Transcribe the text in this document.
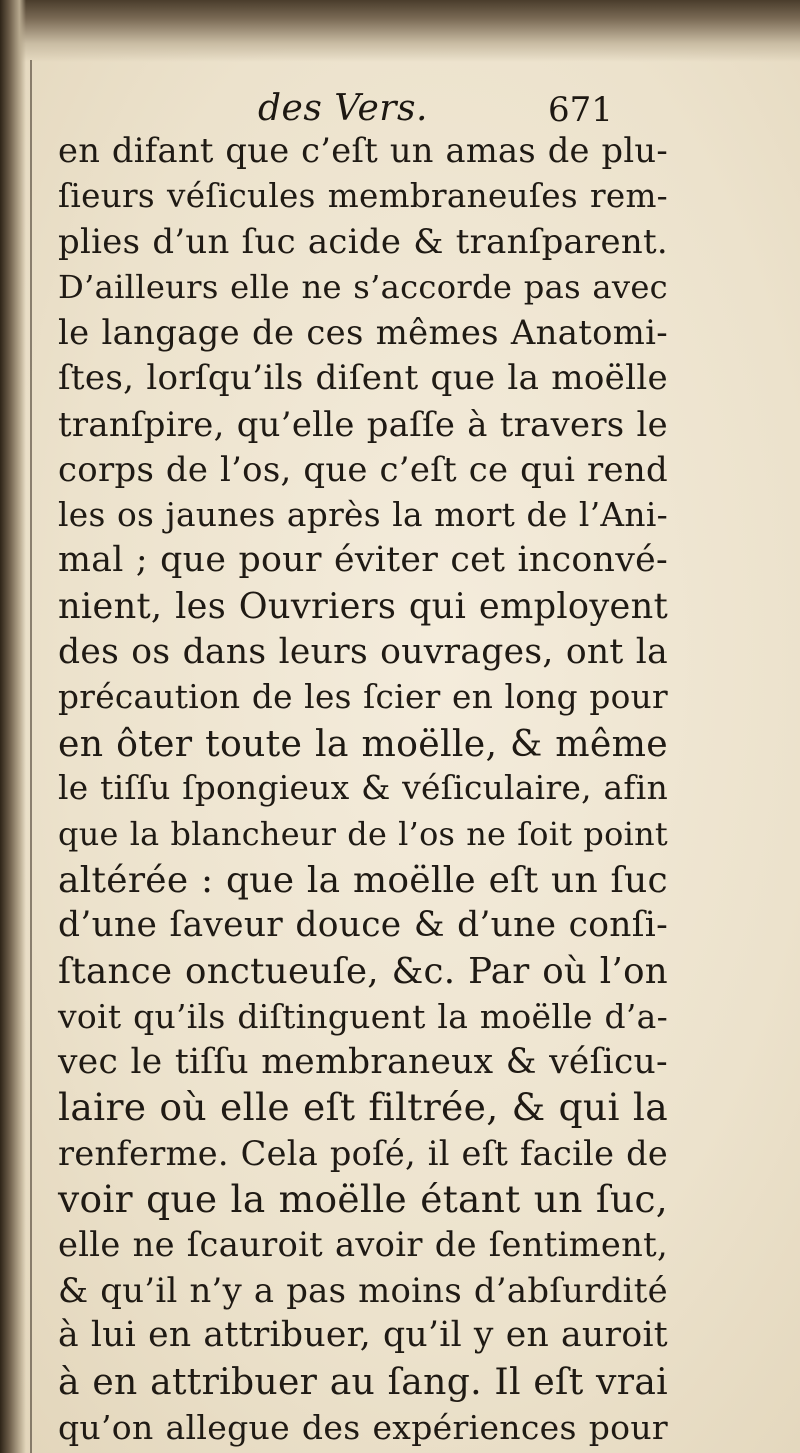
des Vers.	671
en difant que c’eſt un amas de plu-
ſieurs véſicules membraneuſes rem-
plies d’un ſuc acide & tranſparent.
D’ailleurs elle ne s’accorde pas avec
le langage de ces mêmes Anatomi-
ſtes, lorſqu’ils diſent que la moëlle
tranſpire, qu’elle paſſe à travers le
corps de l’os, que c’eſt ce qui rend
les os jaunes après la mort de l’Ani-
mal ; que pour éviter cet inconvé-
nient, les Ouvriers qui employent
des os dans leurs ouvrages, ont la
précaution de les ſcier en long pour
en ôter toute la moëlle, & même
le tiſſu ſpongieux & véſiculaire, afin
que la blancheur de l’os ne ſoit point
altérée : que la moëlle eſt un ſuc
d’une ſaveur douce & d’une conſi-
ſtance onctueuſe, &c. Par où l’on
voit qu’ils diſtinguent la moëlle d’a-
vec le tiſſu membraneux & véſicu-
laire où elle eſt filtrée, & qui la
renferme. Cela poſé, il eſt facile de
voir que la moëlle étant un ſuc,
elle ne ſcauroit avoir de ſentiment,
& qu’il n’y a pas moins d’abſurdité
à lui en attribuer, qu’il y en auroit
à en attribuer au ſang. Il eſt vrai
qu’on allegue des expériences pour
